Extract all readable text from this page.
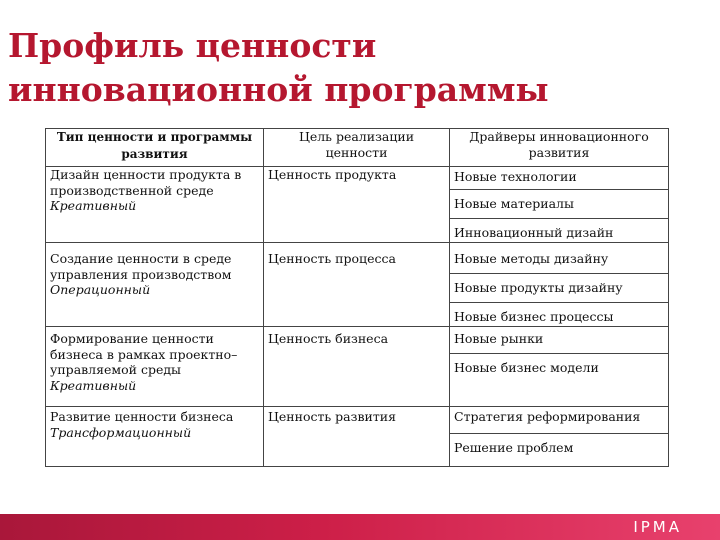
Профиль ценности
инновационной программы
Тип ценности и программы развития	Цель реализации ценности	Драйверы инновационного развития

Дизайн ценности продукта в
производственной среде
Креативный	Ценность продукта	Новые технологии
Новые материалы
Инновационный дизайн

Создание ценности в среде
управления производством
Операционный	Ценность процесса	Новые методы дизайну
Новые продукты дизайну
Новые бизнес процессы

Формирование ценности
бизнеса в рамках проектно–
управляемой среды
Креативный	Ценность бизнеса	Новые рынки
Новые бизнес модели

Развитие ценности бизнеса
Трансформационный	Ценность развития	Стратегия реформирования
Решение проблем
IPMA
